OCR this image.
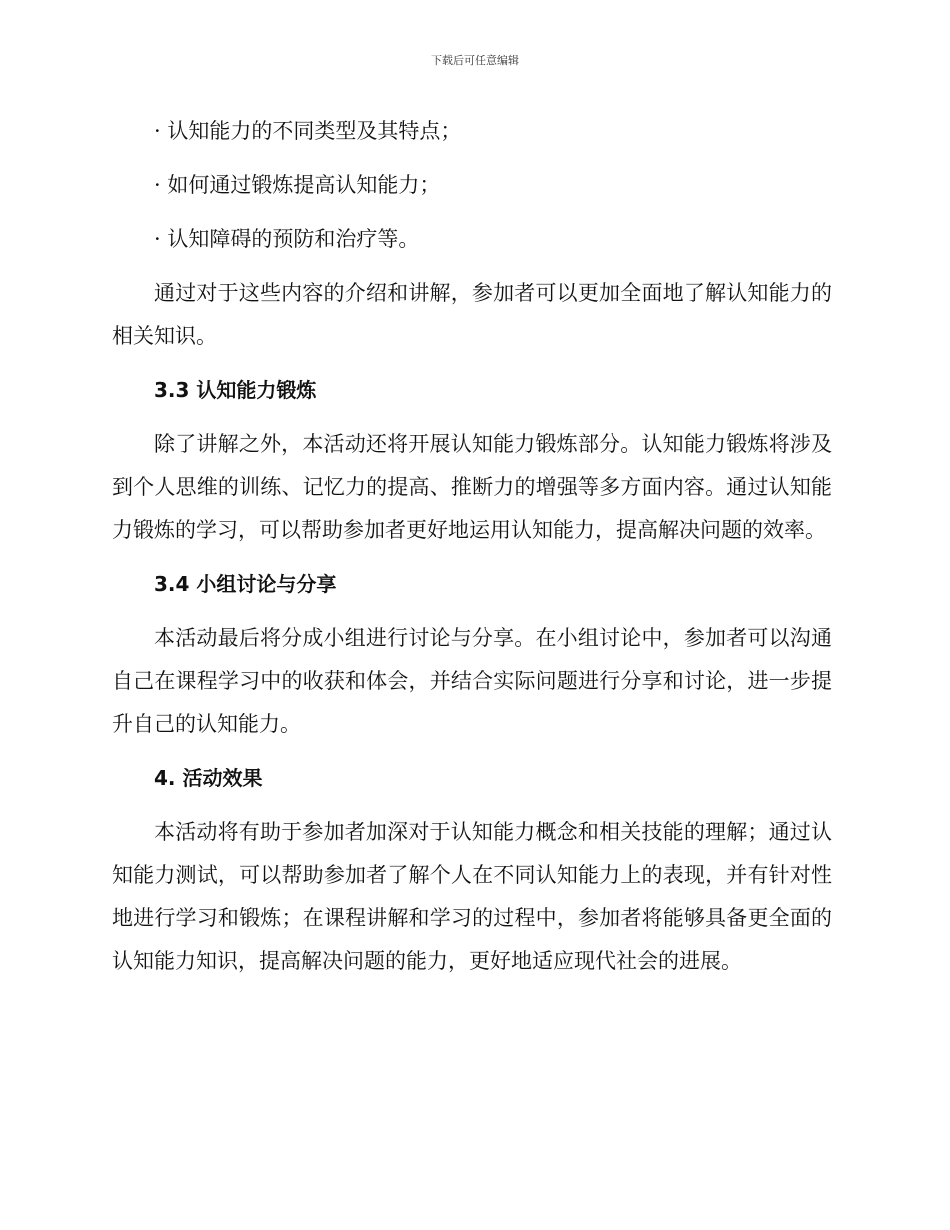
下载后可任意编辑
· 认知能力的不同类型及其特点；
· 如何通过锻炼提高认知能力；
· 认知障碍的预防和治疗等。

通过对于这些内容的介绍和讲解，参加者可以更加全面地了解认知能力的相关知识。

3.3 认知能力锻炼

除了讲解之外，本活动还将开展认知能力锻炼部分。认知能力锻炼将涉及到个人思维的训练、记忆力的提高、推断力的增强等多方面内容。通过认知能力锻炼的学习，可以帮助参加者更好地运用认知能力，提高解决问题的效率。

3.4 小组讨论与分享

本活动最后将分成小组进行讨论与分享。在小组讨论中，参加者可以沟通自己在课程学习中的收获和体会，并结合实际问题进行分享和讨论，进一步提升自己的认知能力。

4. 活动效果

本活动将有助于参加者加深对于认知能力概念和相关技能的理解；通过认知能力测试，可以帮助参加者了解个人在不同认知能力上的表现，并有针对性地进行学习和锻炼；在课程讲解和学习的过程中，参加者将能够具备更全面的认知能力知识，提高解决问题的能力，更好地适应现代社会的进展。
